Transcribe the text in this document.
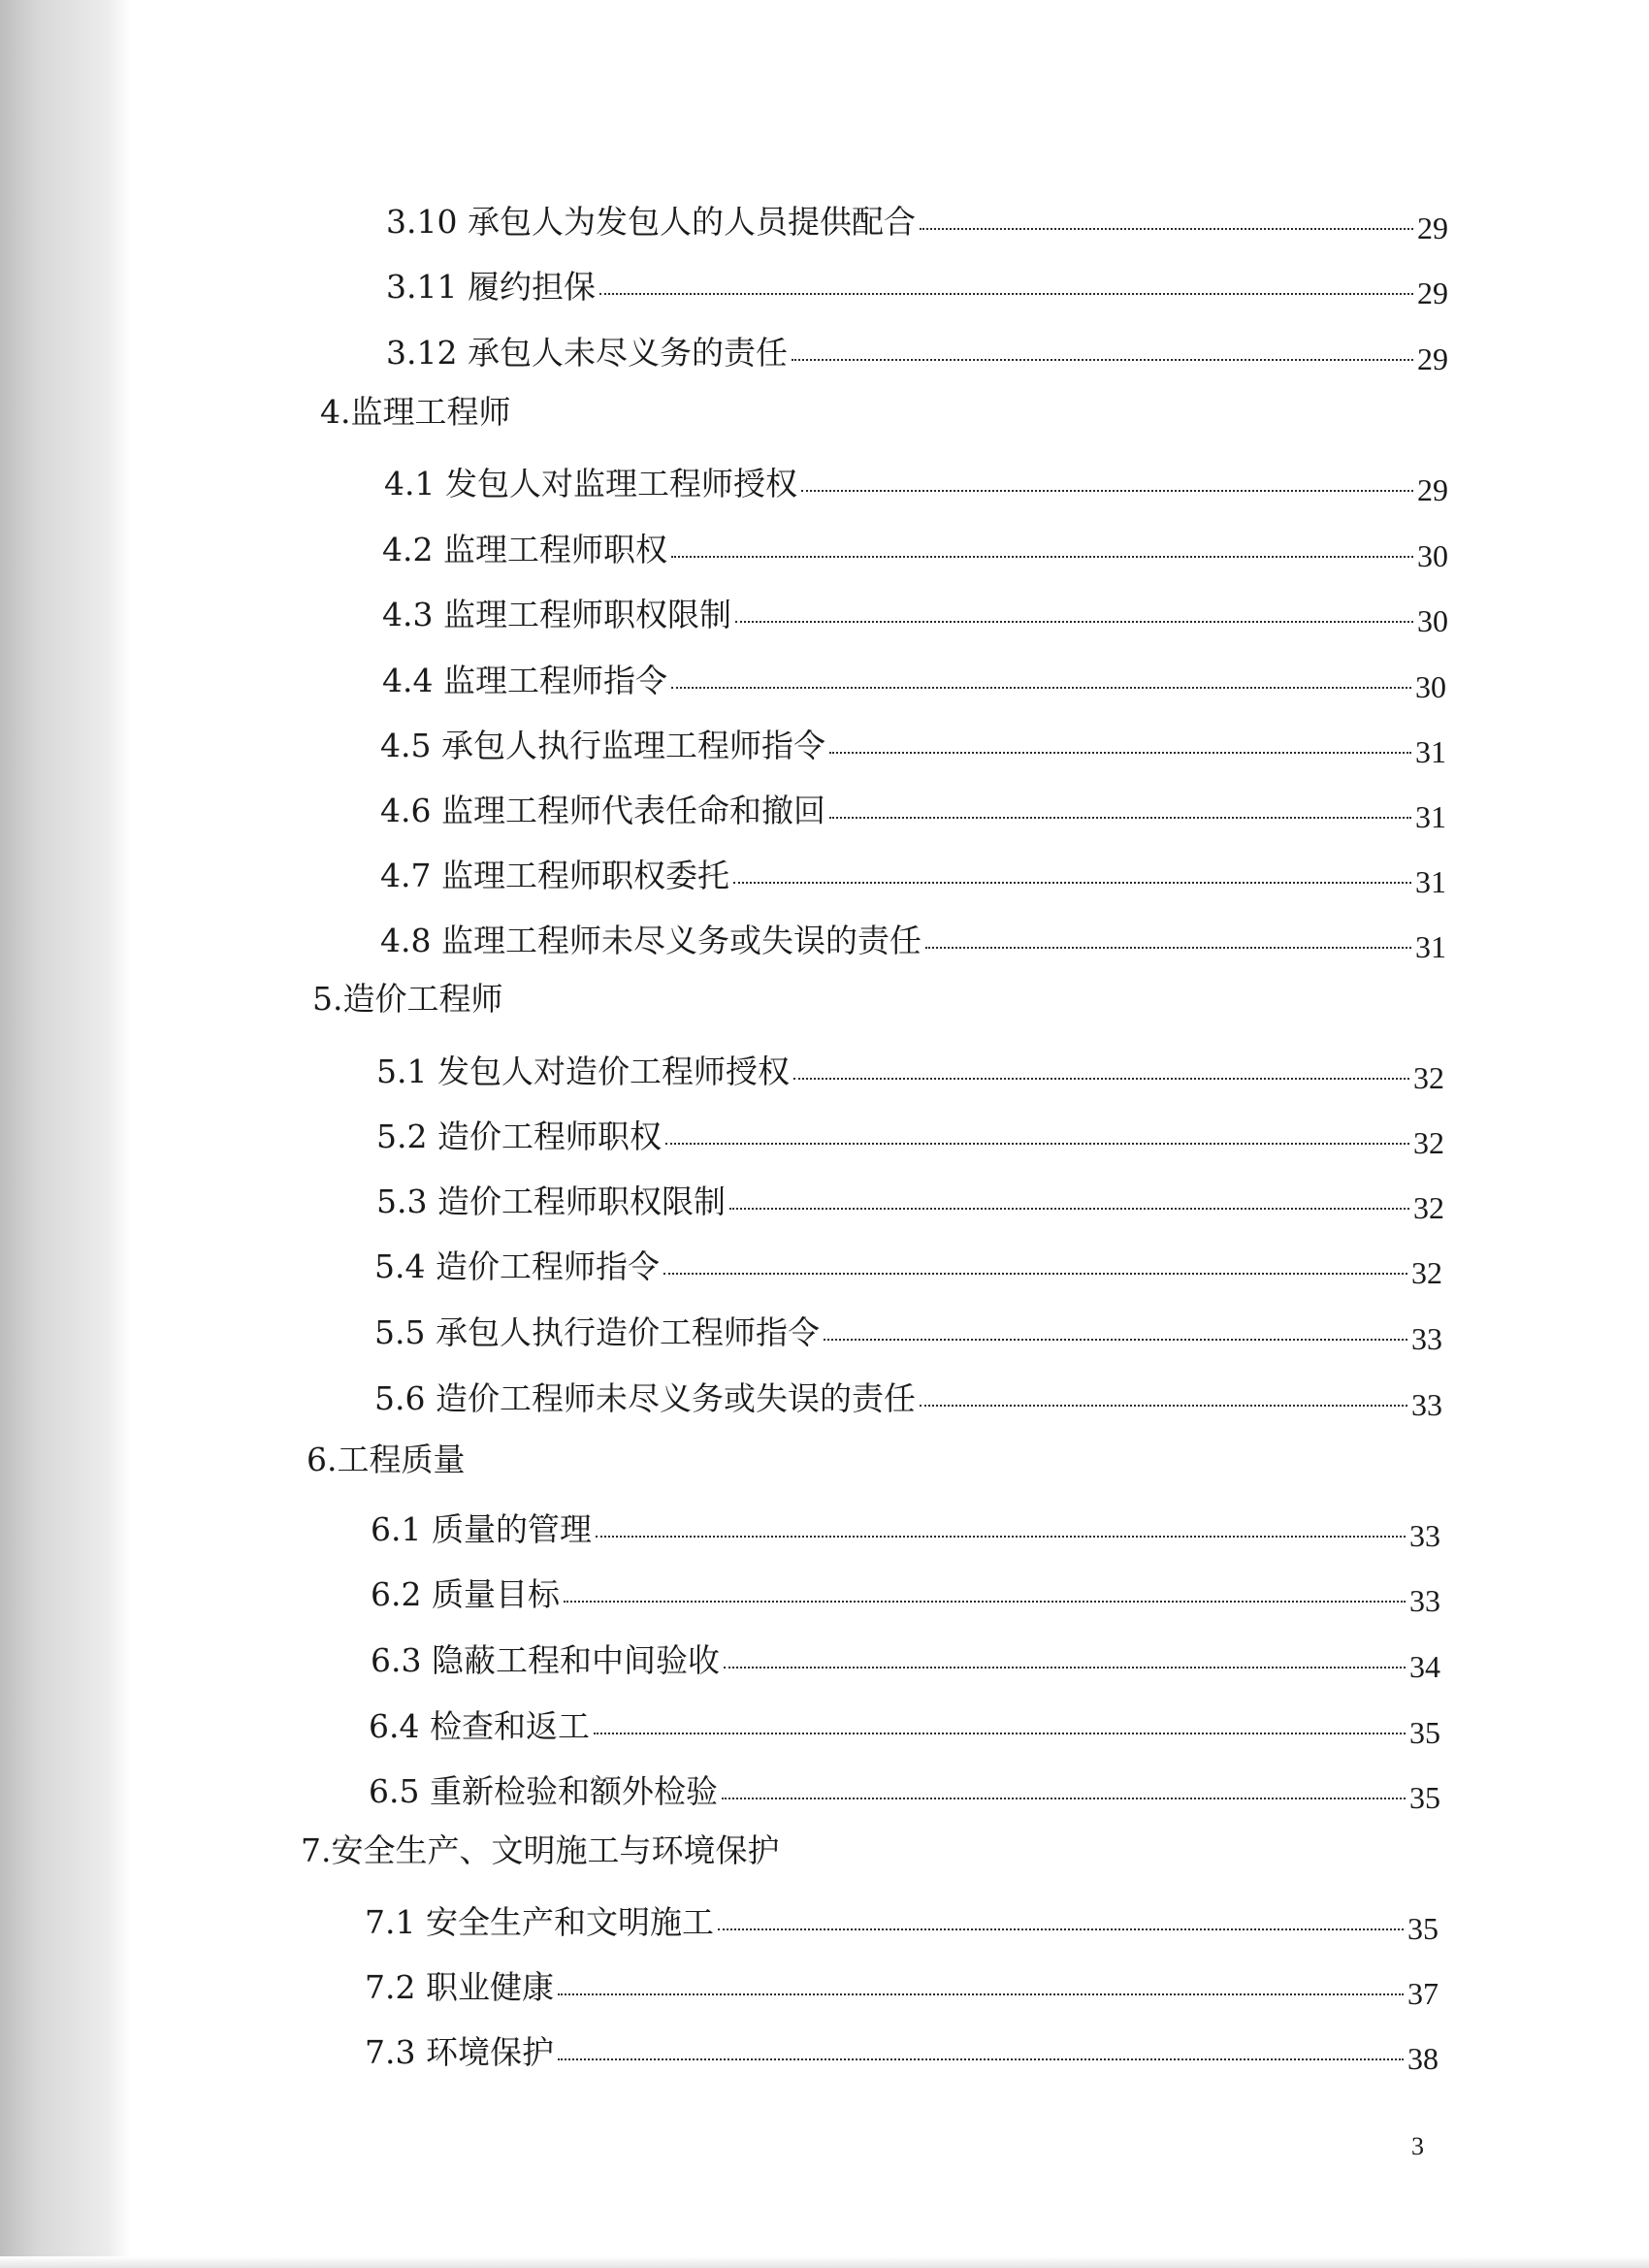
3.10 承包人为发包人的人员提供配合	29
3.11 履约担保	29
3.12 承包人未尽义务的责任	29
4.监理工程师
4.1 发包人对监理工程师授权	29
4.2 监理工程师职权	30
4.3 监理工程师职权限制	30
4.4 监理工程师指令	30
4.5 承包人执行监理工程师指令	31
4.6 监理工程师代表任命和撤回	31
4.7 监理工程师职权委托	31
4.8 监理工程师未尽义务或失误的责任	31
5.造价工程师
5.1 发包人对造价工程师授权	32
5.2 造价工程师职权	32
5.3 造价工程师职权限制	32
5.4 造价工程师指令	32
5.5 承包人执行造价工程师指令	33
5.6 造价工程师未尽义务或失误的责任	33
6.工程质量
6.1 质量的管理	33
6.2 质量目标	33
6.3 隐蔽工程和中间验收	34
6.4 检查和返工	35
6.5 重新检验和额外检验	35
7.安全生产、文明施工与环境保护
7.1 安全生产和文明施工	35
7.2 职业健康	37
7.3 环境保护	38
3
